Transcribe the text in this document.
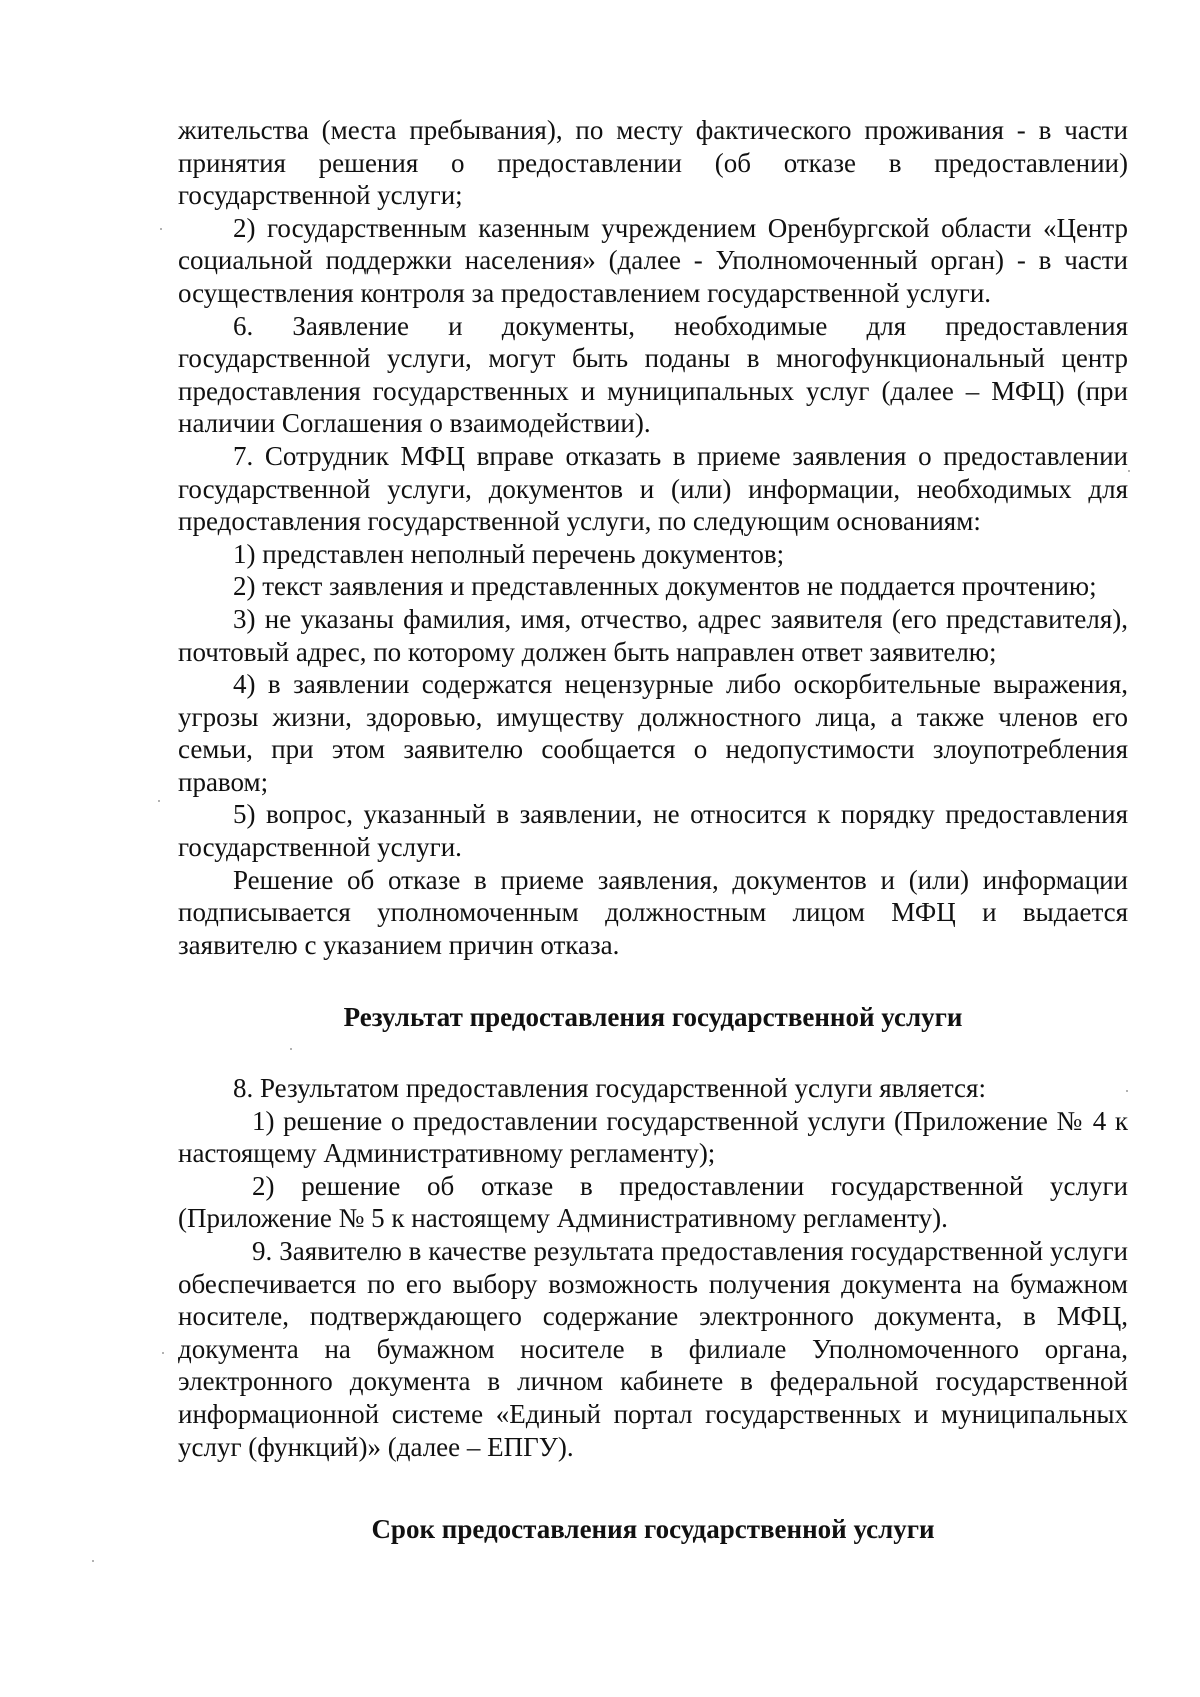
жительства (места пребывания), по месту фактического проживания - в части принятия решения о предоставлении (об отказе в предоставлении) государственной услуги;

2) государственным казенным учреждением Оренбургской области «Центр социальной поддержки населения» (далее - Уполномоченный орган) - в части осуществления контроля за предоставлением государственной услуги.

6. Заявление и документы, необходимые для предоставления государственной услуги, могут быть поданы в многофункциональный центр предоставления государственных и муниципальных услуг (далее – МФЦ) (при наличии Соглашения о взаимодействии).

7. Сотрудник МФЦ вправе отказать в приеме заявления о предоставлении государственной услуги, документов и (или) информации, необходимых для предоставления государственной услуги, по следующим основаниям:

1) представлен неполный перечень документов;

2) текст заявления и представленных документов не поддается прочтению;

3) не указаны фамилия, имя, отчество, адрес заявителя (его представителя), почтовый адрес, по которому должен быть направлен ответ заявителю;

4) в заявлении содержатся нецензурные либо оскорбительные выражения, угрозы жизни, здоровью, имуществу должностного лица, а также членов его семьи, при этом заявителю сообщается о недопустимости злоупотребления правом;

5) вопрос, указанный в заявлении, не относится к порядку предоставления государственной услуги.

Решение об отказе в приеме заявления, документов и (или) информации подписывается уполномоченным должностным лицом МФЦ и выдается заявителю с указанием причин отказа.

Результат предоставления государственной услуги

8. Результатом предоставления государственной услуги является:

1) решение о предоставлении государственной услуги (Приложение № 4 к настоящему Административному регламенту);

2) решение об отказе в предоставлении государственной услуги (Приложение № 5 к настоящему Административному регламенту).

9. Заявителю в качестве результата предоставления государственной услуги обеспечивается по его выбору возможность получения документа на бумажном носителе, подтверждающего содержание электронного документа, в МФЦ, документа на бумажном носителе в филиале Уполномоченного органа, электронного документа в личном кабинете в федеральной государственной информационной системе «Единый портал государственных и муниципальных услуг (функций)» (далее – ЕПГУ).

Срок предоставления государственной услуги
